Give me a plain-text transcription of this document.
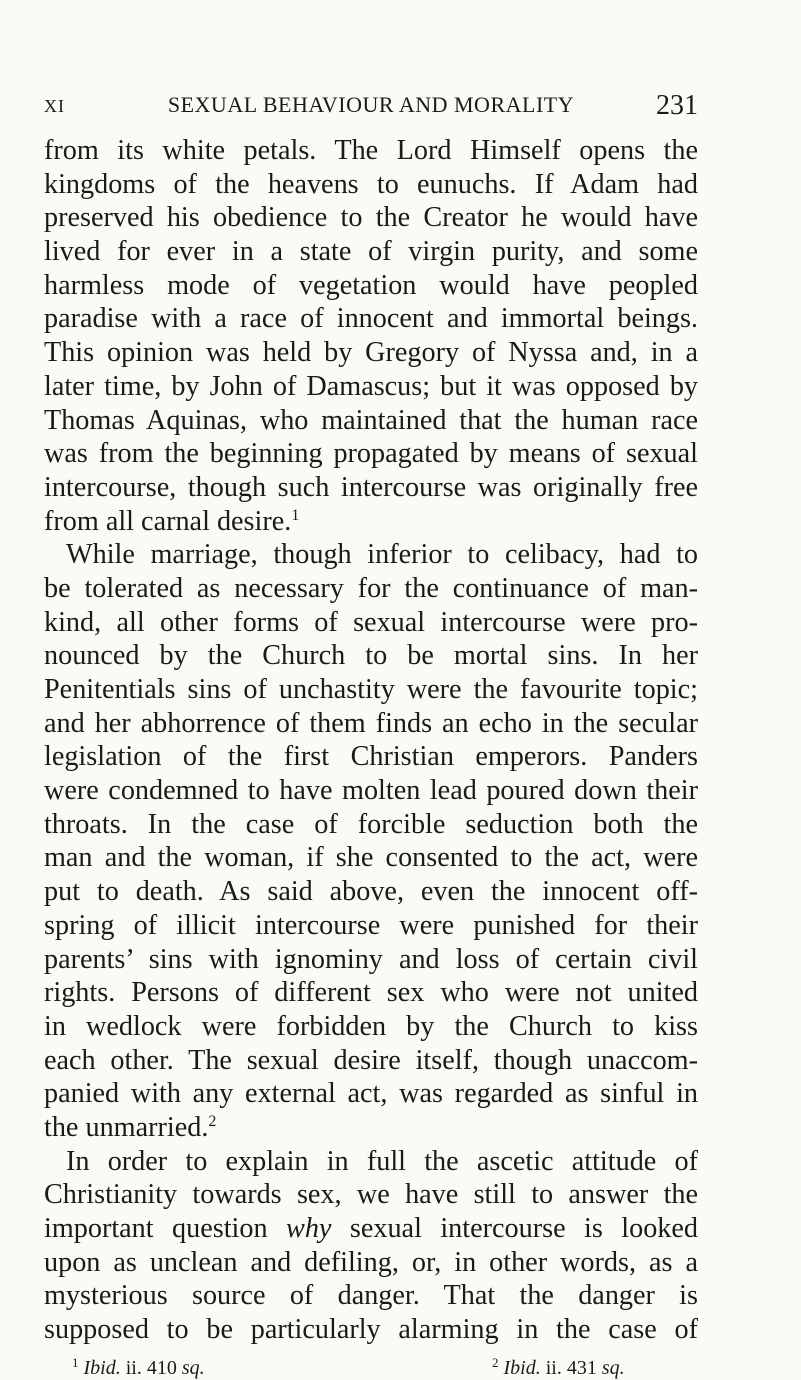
XI	SEXUAL BEHAVIOUR AND MORALITY	231
from its white petals. The Lord Himself opens the
kingdoms of the heavens to eunuchs. If Adam had
preserved his obedience to the Creator he would have
lived for ever in a state of virgin purity, and some
harmless mode of vegetation would have peopled
paradise with a race of innocent and immortal beings.
This opinion was held by Gregory of Nyssa and, in a
later time, by John of Damascus; but it was opposed by
Thomas Aquinas, who maintained that the human race
was from the beginning propagated by means of sexual
intercourse, though such intercourse was originally free
from all carnal desire.$^1$
While marriage, though inferior to celibacy, had to
be tolerated as necessary for the continuance of man-
kind, all other forms of sexual intercourse were pro-
nounced by the Church to be mortal sins. In her
Penitentials sins of unchastity were the favourite topic;
and her abhorrence of them finds an echo in the secular
legislation of the first Christian emperors. Panders
were condemned to have molten lead poured down their
throats. In the case of forcible seduction both the
man and the woman, if she consented to the act, were
put to death. As said above, even the innocent off-
spring of illicit intercourse were punished for their
parents’ sins with ignominy and loss of certain civil
rights. Persons of different sex who were not united
in wedlock were forbidden by the Church to kiss
each other. The sexual desire itself, though unaccom-
panied with any external act, was regarded as sinful in
the unmarried.$^2$
In order to explain in full the ascetic attitude of
Christianity towards sex, we have still to answer the
important question why sexual intercourse is looked
upon as unclean and defiling, or, in other words, as a
mysterious source of danger. That the danger is
supposed to be particularly alarming in the case of
$^1$ Ibid. ii. 410 sq.	$^2$ Ibid. ii. 431 sq.
